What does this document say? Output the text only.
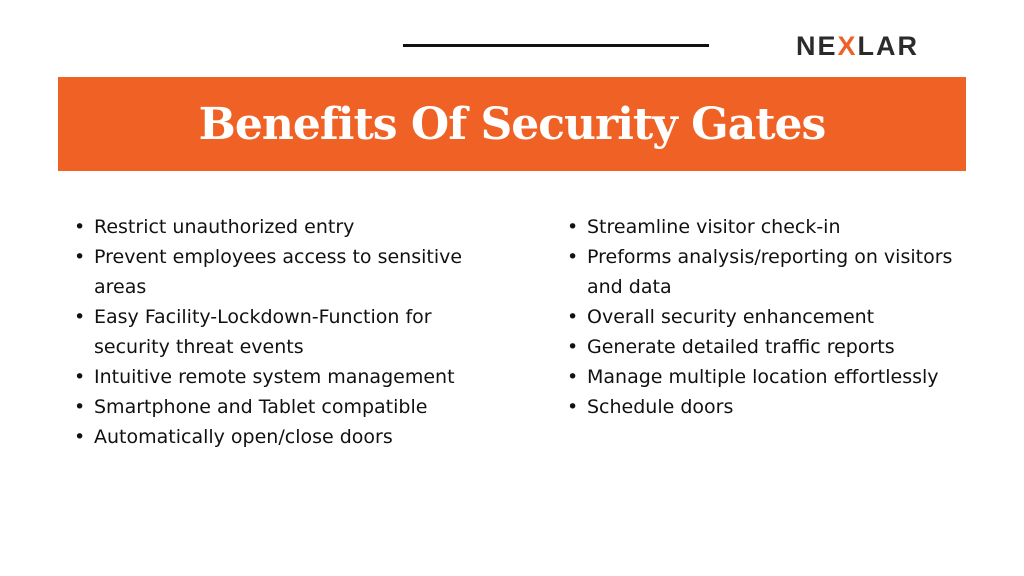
NEXLAR
Benefits Of Security Gates
• Restrict unauthorized entry
• Prevent employees access to sensitive areas
• Easy Facility-Lockdown-Function for security threat events
• Intuitive remote system management
• Smartphone and Tablet compatible
• Automatically open/close doors
• Streamline visitor check-in
• Preforms analysis/reporting on visitors and data
• Overall security enhancement
• Generate detailed traffic reports
• Manage multiple location effortlessly
• Schedule doors
